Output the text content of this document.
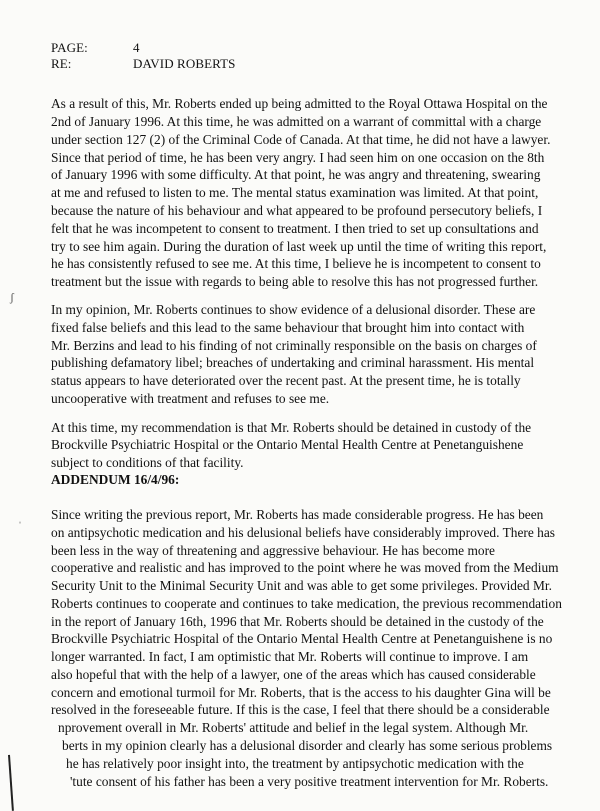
PAGE:	4
RE:	DAVID ROBERTS
As a result of this, Mr. Roberts ended up being admitted to the Royal Ottawa Hospital on the
2nd of January 1996. At this time, he was admitted on a warrant of committal with a charge
under section 127 (2) of the Criminal Code of Canada. At that time, he did not have a lawyer.
Since that period of time, he has been very angry. I had seen him on one occasion on the 8th
of January 1996 with some difficulty. At that point, he was angry and threatening, swearing
at me and refused to listen to me. The mental status examination was limited. At that point,
because the nature of his behaviour and what appeared to be profound persecutory beliefs, I
felt that he was incompetent to consent to treatment. I then tried to set up consultations and
try to see him again. During the duration of last week up until the time of writing this report,
he has consistently refused to see me. At this time, I believe he is incompetent to consent to
treatment but the issue with regards to being able to resolve this has not progressed further.
In my opinion, Mr. Roberts continues to show evidence of a delusional disorder. These are
fixed false beliefs and this lead to the same behaviour that brought him into contact with
Mr. Berzins and lead to his finding of not criminally responsible on the basis on charges of
publishing defamatory libel; breaches of undertaking and criminal harassment. His mental
status appears to have deteriorated over the recent past. At the present time, he is totally
uncooperative with treatment and refuses to see me.
At this time, my recommendation is that Mr. Roberts should be detained in custody of the
Brockville Psychiatric Hospital or the Ontario Mental Health Centre at Penetanguishene
subject to conditions of that facility.
ADDENDUM 16/4/96:
Since writing the previous report, Mr. Roberts has made considerable progress. He has been
on antipsychotic medication and his delusional beliefs have considerably improved. There has
been less in the way of threatening and aggressive behaviour. He has become more
cooperative and realistic and has improved to the point where he was moved from the Medium
Security Unit to the Minimal Security Unit and was able to get some privileges. Provided Mr.
Roberts continues to cooperate and continues to take medication, the previous recommendation
in the report of January 16th, 1996 that Mr. Roberts should be detained in the custody of the
Brockville Psychiatric Hospital of the Ontario Mental Health Centre at Penetanguishene is no
longer warranted. In fact, I am optimistic that Mr. Roberts will continue to improve. I am
also hopeful that with the help of a lawyer, one of the areas which has caused considerable
concern and emotional turmoil for Mr. Roberts, that is the access to his daughter Gina will be
resolved in the foreseeable future. If this is the case, I feel that there should be a considerable
nprovement overall in Mr. Roberts' attitude and belief in the legal system. Although Mr.
berts in my opinion clearly has a delusional disorder and clearly has some serious problems
he has relatively poor insight into, the treatment by antipsychotic medication with the
'tute consent of his father has been a very positive treatment intervention for Mr. Roberts.
ʃ
ˌ
